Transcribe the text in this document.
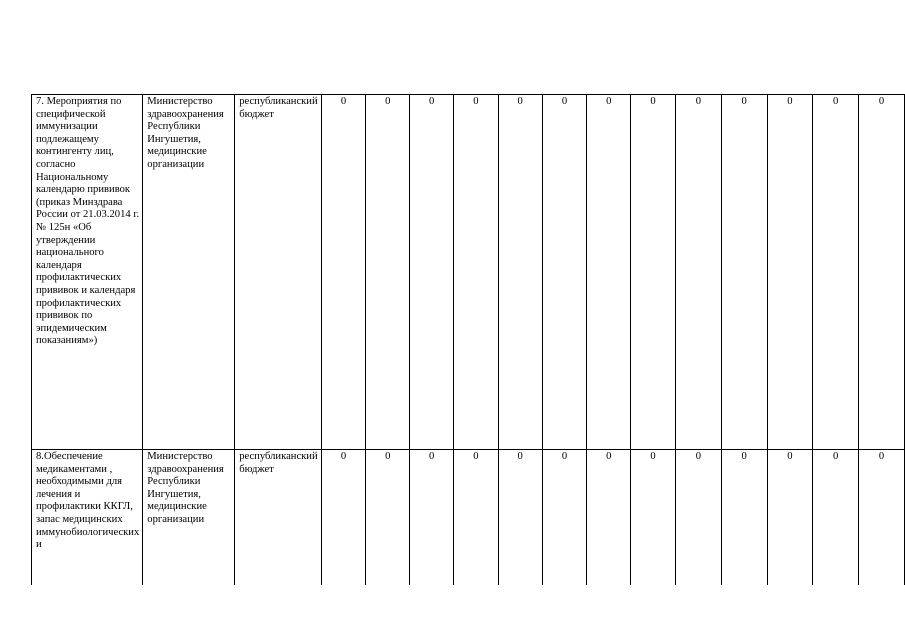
7. Мероприятия по специфической иммунизации подлежащему контингенту лиц, согласно Национальному календарю прививок (приказ Минздрава России от 21.03.2014 г. № 125н «Об утверждении национального календаря профилактических прививок и календаря профилактических прививок по эпидемическим показаниям»)	Министерство здравоохранения Республики Ингушетия, медицинские организации	республиканский бюджет	0	0	0	0	0	0	0	0	0	0	0	0	0
8.Обеспечение медикаментами , необходимыми для лечения и профилактики ККГЛ, запас медицинских иммунобиологических и	Министерство здравоохранения Республики Ингушетия, медицинские организации	республиканский бюджет	0	0	0	0	0	0	0	0	0	0	0	0	0
